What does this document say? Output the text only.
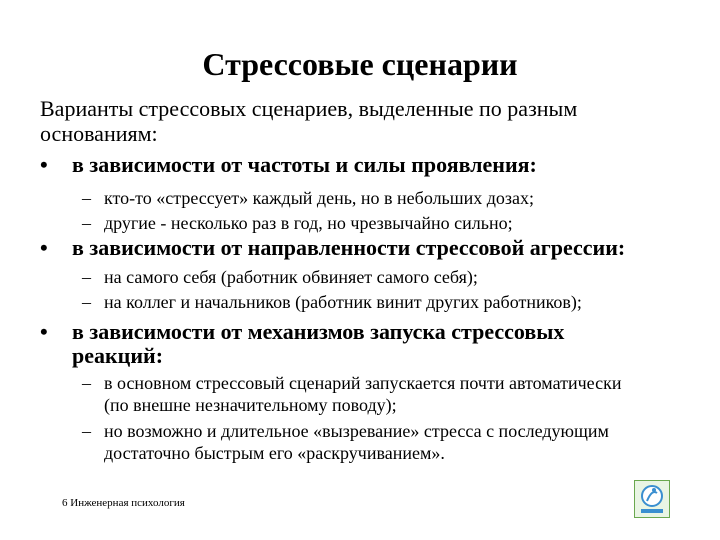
Стрессовые сценарии
Варианты стрессовых сценариев, выделенные по разным основаниям:
•	в зависимости от частоты и силы проявления:
– кто-то «стрессует» каждый день, но в небольших дозах;
– другие - несколько раз в год, но чрезвычайно сильно;
•	в зависимости от направленности стрессовой агрессии:
– на самого себя (работник обвиняет самого себя);
– на коллег и начальников (работник винит других работников);
•	в зависимости от механизмов запуска стрессовых реакций:
– в основном стрессовый сценарий запускается почти автоматически (по внешне незначительному поводу);
– но возможно и длительное «вызревание» стресса с последующим достаточно быстрым его «раскручиванием».
6 Инженерная психология
